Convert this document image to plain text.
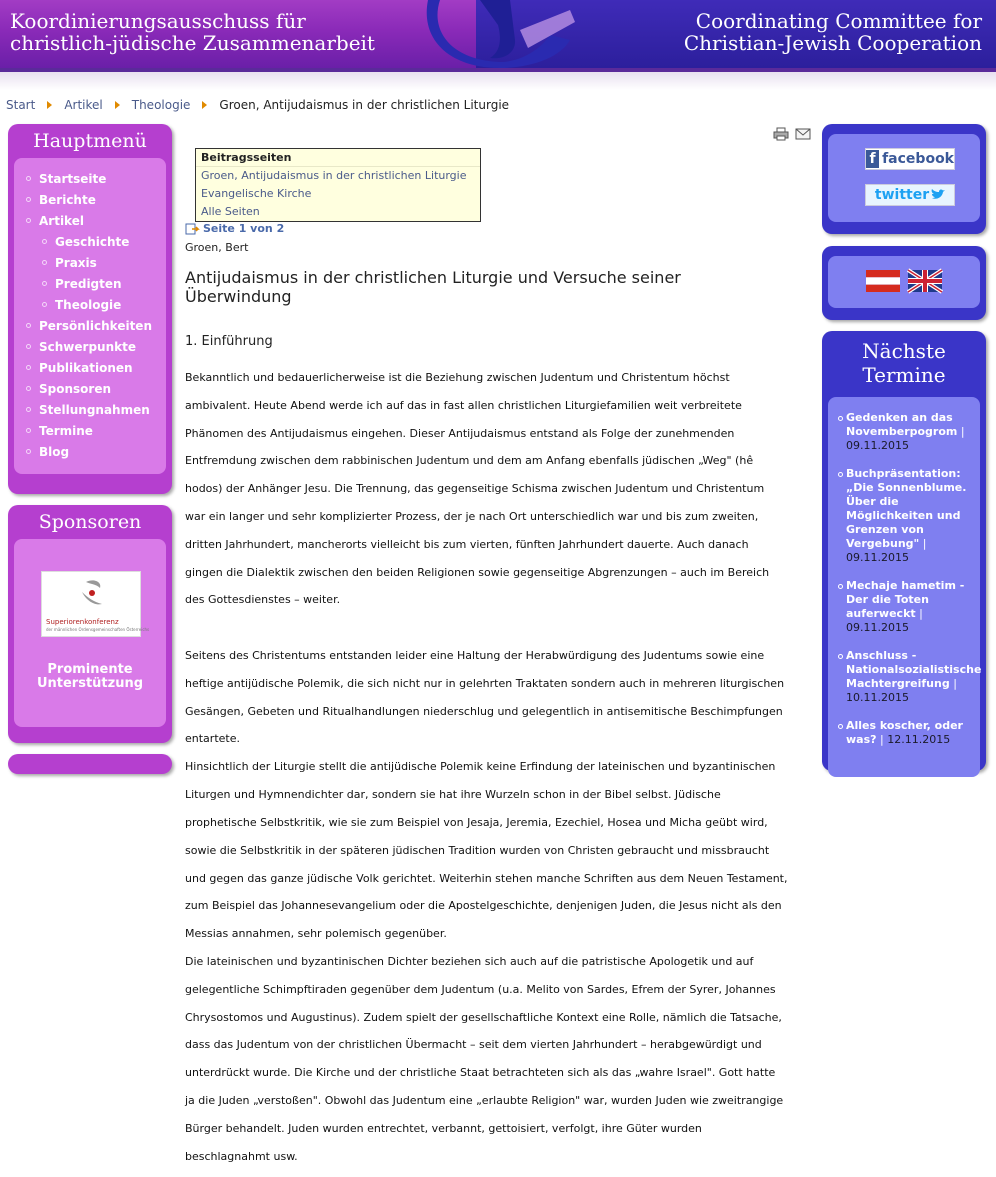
Koordinierungsausschuss für
christlich-jüdische Zusammenarbeit
Coordinating Committee for
Christian-Jewish Cooperation
Start Artikel Theologie Groen, Antijudaismus in der christlichen Liturgie
Hauptmenü
Startseite
Berichte
Artikel
Geschichte
Praxis
Predigten
Theologie
Persönlichkeiten
Schwerpunkte
Publikationen
Sponsoren
Stellungnahmen
Termine
Blog
Sponsoren
Superiorenkonferenz
der männlichen Ordensgemeinschaften Österreichs
Prominente
Unterstützung
f facebook
twitter
Nächste
Termine
Gedenken an das Novemberpogrom | 09.11.2015
Buchpräsentation: „Die Sonnenblume. Über die Möglichkeiten und Grenzen von Vergebung" | 09.11.2015
Mechaje hametim - Der die Toten auferweckt | 09.11.2015
Anschluss - Nationalsozialistische Machtergreifung | 10.11.2015
Alles koscher, oder was? | 12.11.2015
Beitragsseiten
Groen, Antijudaismus in der christlichen Liturgie
Evangelische Kirche
Alle Seiten
Seite 1 von 2
Groen, Bert
Antijudaismus in der christlichen Liturgie und Versuche seiner
Überwindung
1. Einführung

Bekanntlich und bedauerlicherweise ist die Beziehung zwischen Judentum und Christentum höchst

ambivalent. Heute Abend werde ich auf das in fast allen christlichen Liturgiefamilien weit verbreitete

Phänomen des Antijudaismus eingehen. Dieser Antijudaismus entstand als Folge der zunehmenden

Entfremdung zwischen dem rabbinischen Judentum und dem am Anfang ebenfalls jüdischen „Weg" (hê

hodos) der Anhänger Jesu. Die Trennung, das gegenseitige Schisma zwischen Judentum und Christentum

war ein langer und sehr komplizierter Prozess, der je nach Ort unterschiedlich war und bis zum zweiten,

dritten Jahrhundert, mancherorts vielleicht bis zum vierten, fünften Jahrhundert dauerte. Auch danach

gingen die Dialektik zwischen den beiden Religionen sowie gegenseitige Abgrenzungen – auch im Bereich

des Gottesdienstes – weiter.

Seitens des Christentums entstanden leider eine Haltung der Herabwürdigung des Judentums sowie eine

heftige antijüdische Polemik, die sich nicht nur in gelehrten Traktaten sondern auch in mehreren liturgischen

Gesängen, Gebeten und Ritualhandlungen niederschlug und gelegentlich in antisemitische Beschimpfungen

entartete.

Hinsichtlich der Liturgie stellt die antijüdische Polemik keine Erfindung der lateinischen und byzantinischen

Liturgen und Hymnendichter dar, sondern sie hat ihre Wurzeln schon in der Bibel selbst. Jüdische

prophetische Selbstkritik, wie sie zum Beispiel von Jesaja, Jeremia, Ezechiel, Hosea und Micha geübt wird,

sowie die Selbstkritik in der späteren jüdischen Tradition wurden von Christen gebraucht und missbraucht

und gegen das ganze jüdische Volk gerichtet. Weiterhin stehen manche Schriften aus dem Neuen Testament,

zum Beispiel das Johannesevangelium oder die Apostelgeschichte, denjenigen Juden, die Jesus nicht als den

Messias annahmen, sehr polemisch gegenüber.

Die lateinischen und byzantinischen Dichter beziehen sich auch auf die patristische Apologetik und auf

gelegentliche Schimpftiraden gegenüber dem Judentum (u.a. Melito von Sardes, Efrem der Syrer, Johannes

Chrysostomos und Augustinus). Zudem spielt der gesellschaftliche Kontext eine Rolle, nämlich die Tatsache,

dass das Judentum von der christlichen Übermacht – seit dem vierten Jahrhundert – herabgewürdigt und

unterdrückt wurde. Die Kirche und der christliche Staat betrachteten sich als das „wahre Israel". Gott hatte

ja die Juden „verstoßen". Obwohl das Judentum eine „erlaubte Religion" war, wurden Juden wie zweitrangige

Bürger behandelt. Juden wurden entrechtet, verbannt, gettoisiert, verfolgt, ihre Güter wurden

beschlagnahmt usw.
